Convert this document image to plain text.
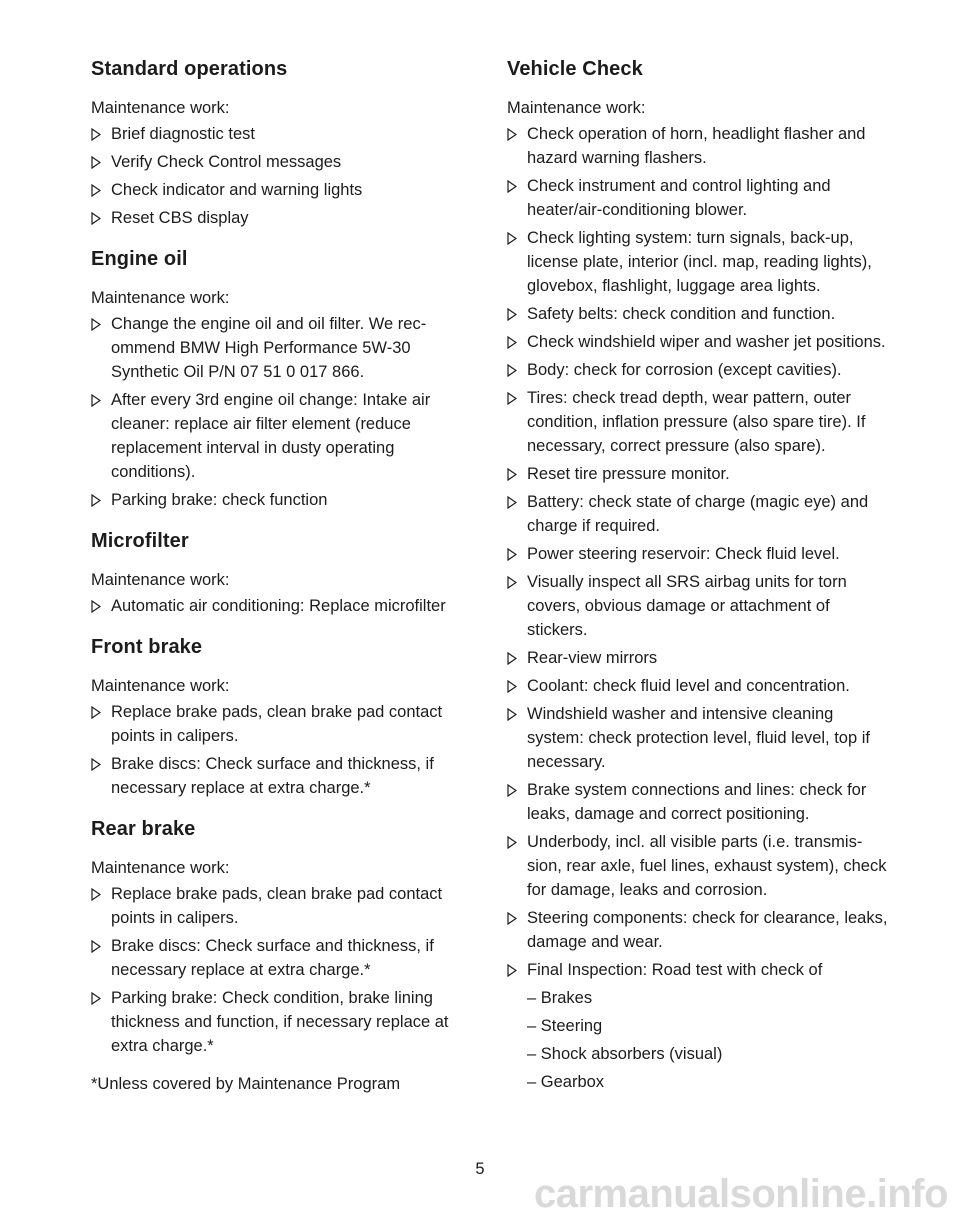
Standard operations

Maintenance work:

Brief diagnostic test
Verify Check Control messages
Check indicator and warning lights
Reset CBS display
Engine oil

Maintenance work:

Change the engine oil and oil filter. We rec-ommend BMW High Performance 5W-30 Synthetic Oil P/N 07 51 0 017 866.
After every 3rd engine oil change: Intake air cleaner: replace air filter element (reduce replacement interval in dusty operating conditions).
Parking brake: check function
Microfilter

Maintenance work:

Automatic air conditioning: Replace microfilter
Front brake

Maintenance work:

Replace brake pads, clean brake pad contact points in calipers.
Brake discs: Check surface and thickness, if necessary replace at extra charge.*
Rear brake

Maintenance work:

Replace brake pads, clean brake pad contact points in calipers.
Brake discs: Check surface and thickness, if necessary replace at extra charge.*
Parking brake: Check condition, brake lining thickness and function, if necessary replace at extra charge.*

*Unless covered by Maintenance Program

Vehicle Check

Maintenance work:

Check operation of horn, headlight flasher and hazard warning flashers.
Check instrument and control lighting and heater/air-conditioning blower.
Check lighting system: turn signals, back-up, license plate, interior (incl. map, reading lights), glovebox, flashlight, luggage area lights.
Safety belts: check condition and function.
Check windshield wiper and washer jet positions.
Body: check for corrosion (except cavities).
Tires: check tread depth, wear pattern, outer condition, inflation pressure (also spare tire). If necessary, correct pressure (also spare).
Reset tire pressure monitor.
Battery: check state of charge (magic eye) and charge if required.
Power steering reservoir: Check fluid level.
Visually inspect all SRS airbag units for torn covers, obvious damage or attachment of stickers.
Rear-view mirrors
Coolant: check fluid level and concentration.
Windshield washer and intensive cleaning system: check protection level, fluid level, top if necessary.
Brake system connections and lines: check for leaks, damage and correct positioning.
Underbody, incl. all visible parts (i.e. transmis-sion, rear axle, fuel lines, exhaust system), check for damage, leaks and corrosion.
Steering components: check for clearance, leaks, damage and wear.
Final Inspection: Road test with check of
– Brakes
– Steering
– Shock absorbers (visual)
– Gearbox
5
carmanualsonline.info
